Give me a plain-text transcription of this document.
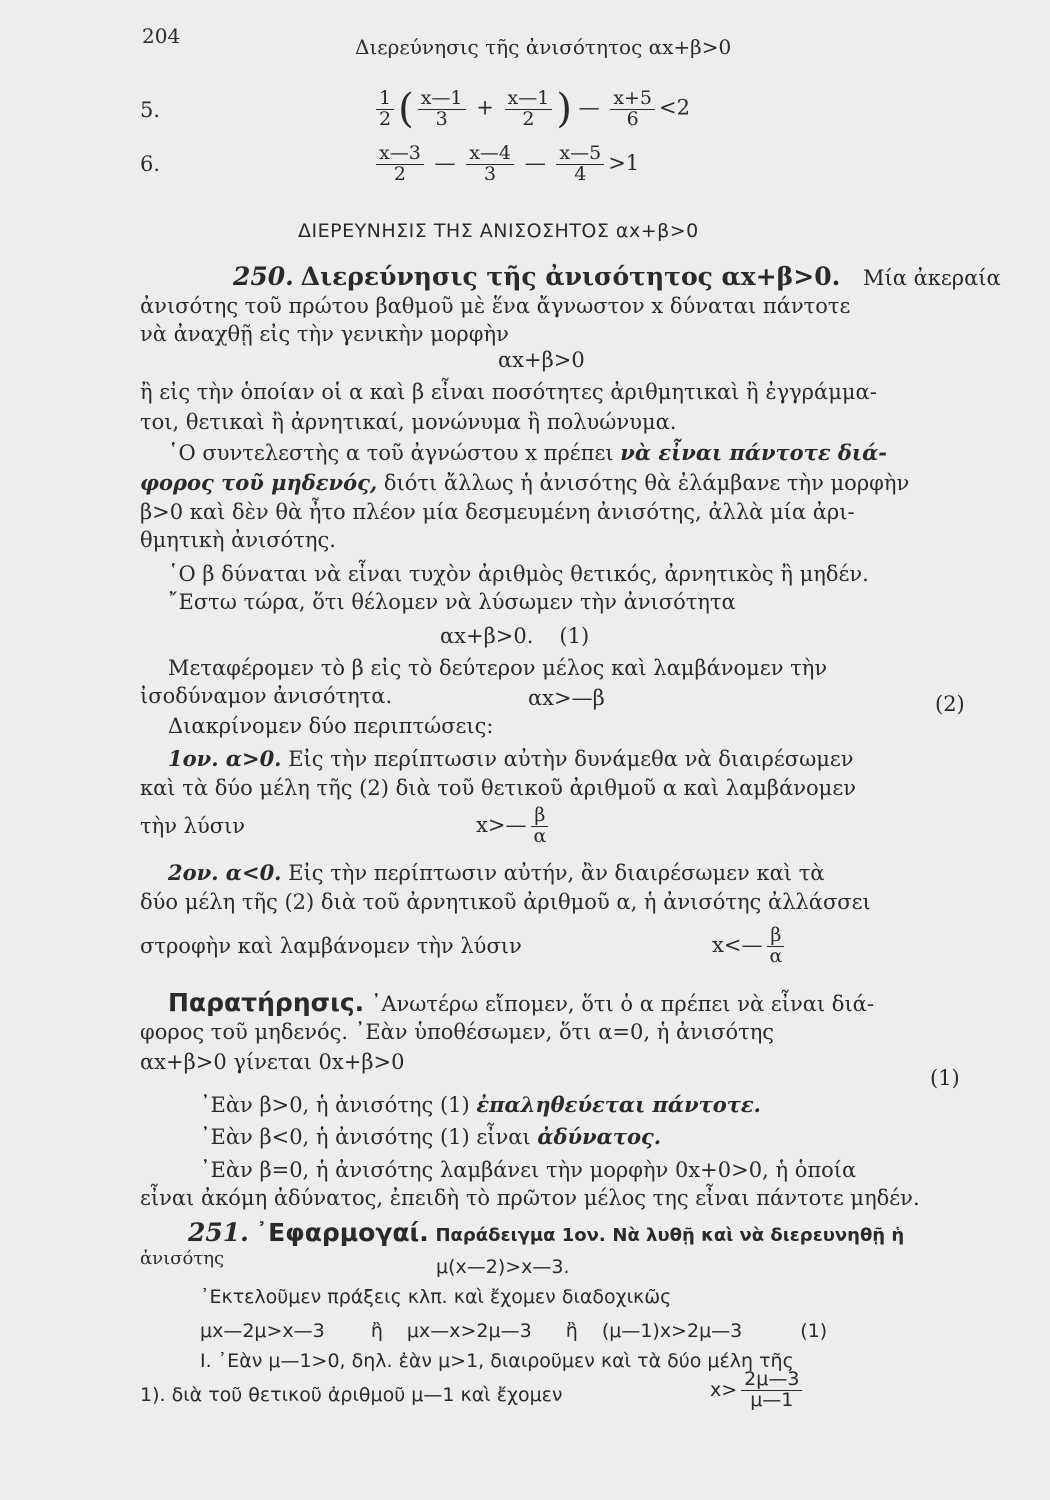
204	Διερεύνησις τῆς ἀνισότητος αx+β>0
5.	$\frac{1}{2}$ ( $\frac{x—1}{3} + \frac{x—1}{2}$ ) — $\frac{x+5}{6} <2$
6.	$\frac{x—3}{2}$ — $\frac{x—4}{3}$ — $\frac{x—5}{4} >1$
ΔΙΕΡΕΥΝΗΣΙΣ ΤΗΣ ΑΝΙΣΟΣΗΤΟΣ αx+β>0
250. Διερεύνησις τῆς ἀνισότητος αx+β>0. Μία ἀκεραία
ἀνισότης τοῦ πρώτου βαθμοῦ μὲ ἕνα ἄγνωστον x δύναται πάντοτε
νὰ ἀναχθῇ εἰς τὴν γενικὴν μορφὴν
αx+β>0
ἢ εἰς τὴν ὁποίαν οἱ α καὶ β εἶναι ποσότητες ἀριθμητικαὶ ἢ ἐγγράμμα-
τοι, θετικαὶ ἢ ἀρνητικαί, μονώνυμα ἢ πολυώνυμα.
῾Ο συντελεστὴς α τοῦ ἀγνώστου x πρέπει νὰ εἶναι πάντοτε διά-
φορος τοῦ μηδενός, διότι ἄλλως ἡ ἀνισότης θὰ ἐλάμβανε τὴν μορφὴν
β>0 καὶ δὲν θὰ ἦτο πλέον μία δεσμευμένη ἀνισότης, ἀλλὰ μία ἀρι-
θμητικὴ ἀνισότης.
῾Ο β δύναται νὰ εἶναι τυχὸν ἀριθμὸς θετικός, ἀρνητικὸς ἢ μηδέν.
῎Εστω τώρα, ὅτι θέλομεν νὰ λύσωμεν τὴν ἀνισότητα
αx+β>0. (1)
Μεταφέρομεν τὸ β εἰς τὸ δεύτερον μέλος καὶ λαμβάνομεν τὴν
ἰσοδύναμον ἀνισότητα.	αx>—β	(2)
Διακρίνομεν δύο περιπτώσεις:
1ον. α>0. Εἰς τὴν περίπτωσιν αὐτὴν δυνάμεθα νὰ διαιρέσωμεν
καὶ τὰ δύο μέλη τῆς (2) διὰ τοῦ θετικοῦ ἀριθμοῦ α καὶ λαμβάνομεν
τὴν λύσιν	x>— $\frac{\beta}{\alpha}$
2ον. α<0. Εἰς τὴν περίπτωσιν αὐτήν, ἂν διαιρέσωμεν καὶ τὰ
δύο μέλη τῆς (2) διὰ τοῦ ἀρνητικοῦ ἀριθμοῦ α, ἡ ἀνισότης ἀλλάσσει
στροφὴν καὶ λαμβάνομεν τὴν λύσιν	x<— $\frac{\beta}{\alpha}$
Παρατήρησις. ᾽Ανωτέρω εἴπομεν, ὅτι ὁ α πρέπει νὰ εἶναι διά-
φορος τοῦ μηδενός. ᾽Εὰν ὑποθέσωμεν, ὅτι α=0, ἡ ἀνισότης
αx+β>0 γίνεται 0x+β>0
(1)
᾽Εὰν β>0, ἡ ἀνισότης (1) ἐπαληθεύεται πάντοτε.
᾽Εὰν β<0, ἡ ἀνισότης (1) εἶναι ἀδύνατος.
᾽Εὰν β=0, ἡ ἀνισότης λαμβάνει τὴν μορφὴν 0x+0>0, ἡ ὁποία
εἶναι ἀκόμη ἀδύνατος, ἐπειδὴ τὸ πρῶτον μέλος της εἶναι πάντοτε μηδέν.
251. ᾽Εφαρμογαί. Παράδειγμα 1ον. Νὰ λυθῇ καὶ νὰ διερευνηθῇ ἡ
ἀνισότης	μ(x—2)>x—3.
᾽Εκτελοῦμεν πράξεις κλπ. καὶ ἔχομεν διαδοχικῶς
μx—2μ>x—3 ἢ μx—x>2μ—3 ἢ (μ—1)x>2μ—3	(1)
I. ᾽Εὰν μ—1>0, δηλ. ἐὰν μ>1, διαιροῦμεν καὶ τὰ δύο μέλη τῆς
1). διὰ τοῦ θετικοῦ ἀριθμοῦ μ—1 καὶ ἔχομεν	$x> \frac{2\mu—3}{\mu—1}$
